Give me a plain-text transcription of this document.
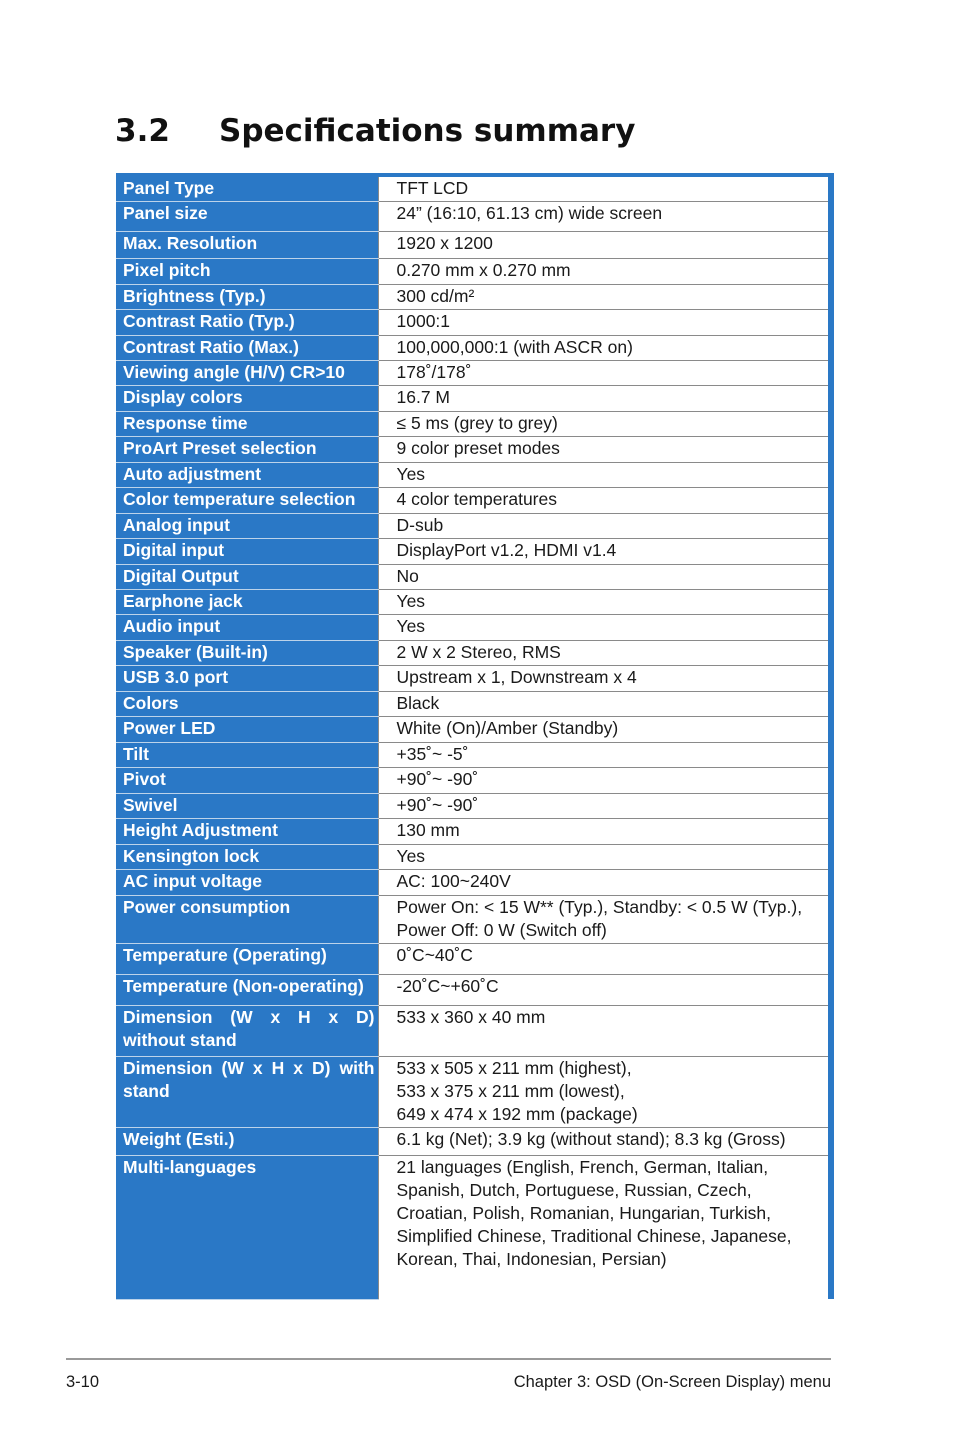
3.2 Specifications summary
Panel Type	TFT LCD
Panel size	24” (16:10, 61.13 cm) wide screen
Max. Resolution	1920 x 1200
Pixel pitch	0.270 mm x 0.270 mm
Brightness (Typ.)	300 cd/m²
Contrast Ratio (Typ.)	1000:1
Contrast Ratio (Max.)	100,000,000:1 (with ASCR on)
Viewing angle (H/V) CR>10	178˚/178˚
Display colors	16.7 M
Response time	≤ 5 ms (grey to grey)
ProArt Preset selection	9 color preset modes
Auto adjustment	Yes
Color temperature selection	4 color temperatures
Analog input	D-sub
Digital input	DisplayPort v1.2, HDMI v1.4
Digital Output	No
Earphone jack	Yes
Audio input	Yes
Speaker (Built-in)	2 W x 2 Stereo, RMS
USB 3.0 port	Upstream x 1, Downstream x 4
Colors	Black
Power LED	White (On)/Amber (Standby)
Tilt	+35˚~ -5˚
Pivot	+90˚~ -90˚
Swivel	+90˚~ -90˚
Height Adjustment	130 mm
Kensington lock	Yes
AC input voltage	AC: 100~240V
Power consumption	Power On: < 15 W** (Typ.), Standby: < 0.5 W (Typ.),
Power Off: 0 W (Switch off)
Temperature (Operating)	0˚C~40˚C
Temperature (Non-operating)	-20˚C~+60˚C
Dimension (W x H x D) without stand	533 x 360 x 40 mm
Dimension (W x H x D) with stand	533 x 505 x 211 mm (highest),
533 x 375 x 211 mm (lowest),
649 x 474 x 192 mm (package)
Weight (Esti.)	6.1 kg (Net); 3.9 kg (without stand); 8.3 kg (Gross)
Multi-languages	21 languages (English, French, German, Italian,
Spanish, Dutch, Portuguese, Russian, Czech,
Croatian, Polish, Romanian, Hungarian, Turkish,
Simplified Chinese, Traditional Chinese, Japanese,
Korean, Thai, Indonesian, Persian)
3-10	Chapter 3: OSD (On-Screen Display) menu
